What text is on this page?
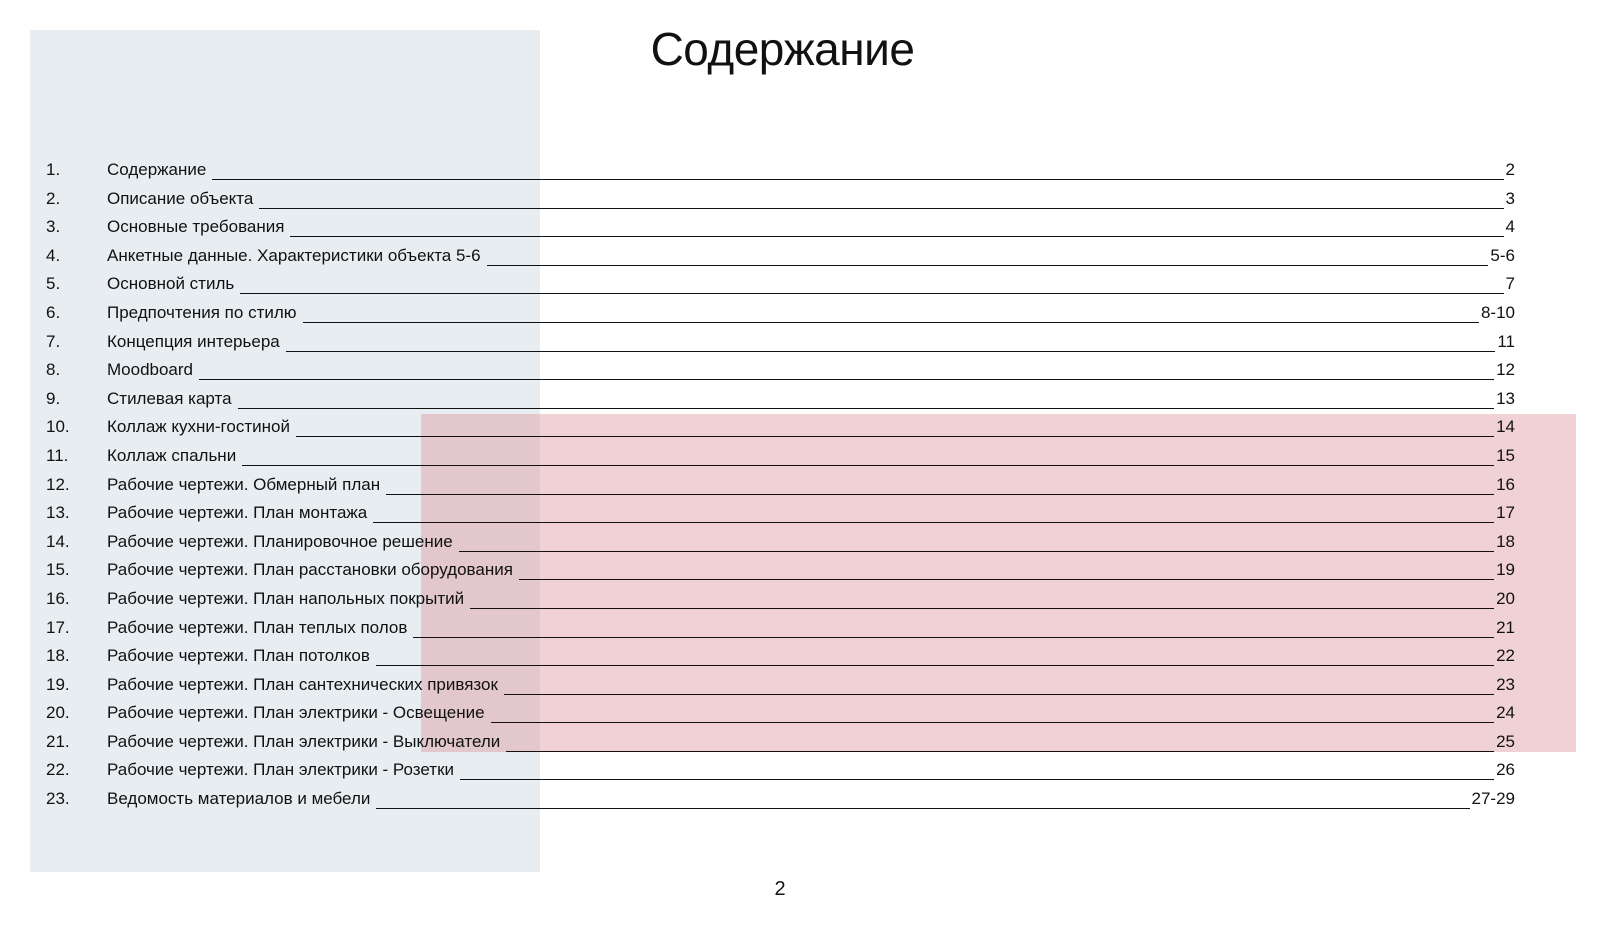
Содержание
1.	Содержание	2
2.	Описание объекта	3
3.	Основные требования	4
4.	Анкетные данные. Характеристики объекта 5-6	5-6
5.	Основной стиль	7
6.	Предпочтения по стилю	8-10
7.	Концепция интерьера	11
8.	Moodboard	12
9.	Стилевая карта	13
10. Коллаж кухни-гостиной	14
11. Коллаж спальни	15
12. Рабочие чертежи. Обмерный план	16
13. Рабочие чертежи. План монтажа	17
14. Рабочие чертежи. Планировочное решение	18
15. Рабочие чертежи. План расстановки оборудования	19
16. Рабочие чертежи. План напольных покрытий	20
17. Рабочие чертежи. План теплых полов	21
18. Рабочие чертежи. План потолков	22
19. Рабочие чертежи. План сантехнических привязок	23
20. Рабочие чертежи. План электрики - Освещение	24
21. Рабочие чертежи. План электрики - Выключатели	25
22. Рабочие чертежи. План электрики - Розетки	26
23. Ведомость материалов и мебели	27-29
2
